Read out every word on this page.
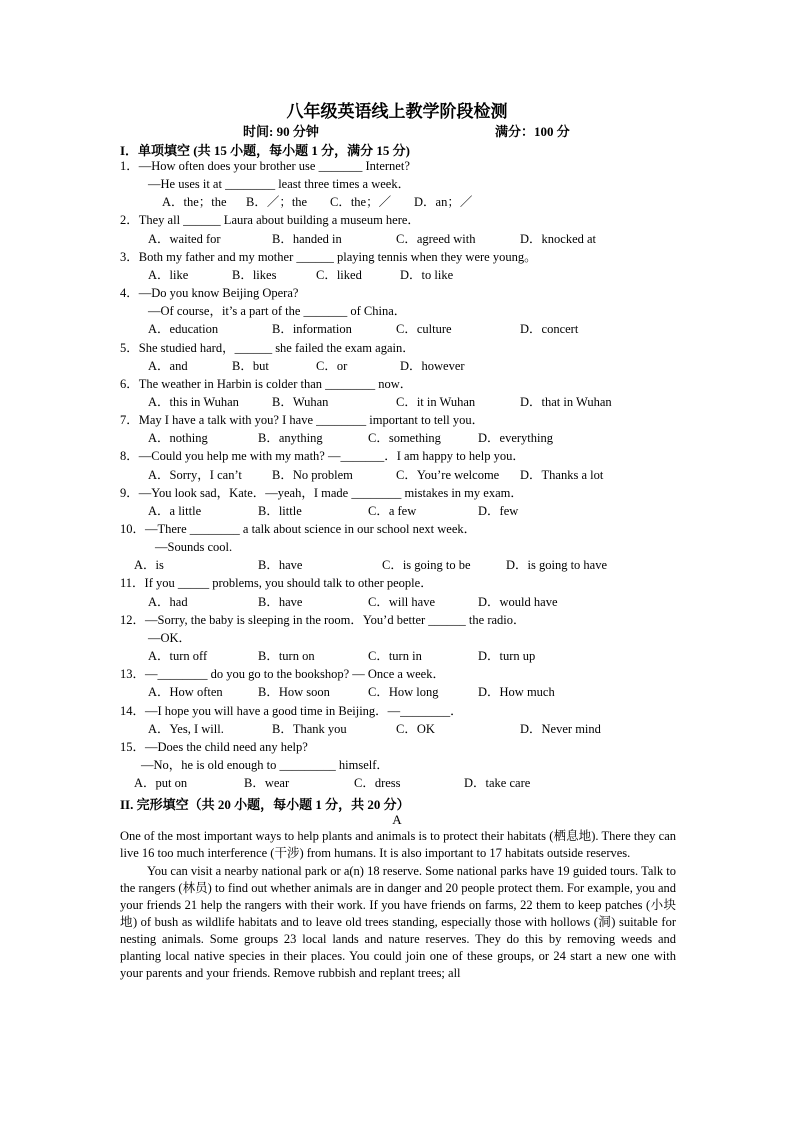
八年级英语线上教学阶段检测
时间: 90 分钟	满分：100 分
I．单项填空 (共 15 小题，每小题 1 分，满分 15 分)
1．—How often does your brother use _______ Internet?
—He uses it at ________ least three times a week．
A．the；the B．／；the C．the；／ D．an；／
2．They all ______ Laura about building a museum here．
A．waited for	B．handed in	C．agreed with	D．knocked at
3．Both my father and my mother ______ playing tennis when they were young。
A．like	B．likes	C．liked	D．to like
4．—Do you know Beijing Opera?
—Of course，it’s a part of the _______ of China．
A．education	B．information	C．culture	D．concert
5．She studied hard，______ she failed the exam again．
A．and	B．but	C．or	D．however
6．The weather in Harbin is colder than ________ now．
A．this in Wuhan	B．Wuhan	C．it in Wuhan	D．that in Wuhan
7．May I have a talk with you? I have ________ important to tell you．
A．nothing	B．anything	C．something	D．everything
8．—Could you help me with my math? —_______．I am happy to help you．
A．Sorry，I can’t B．No problem	C．You’re welcome D．Thanks a lot
9．—You look sad，Kate．—yeah，I made ________ mistakes in my exam．
A．a little	B．little	C．a few	D．few
10．—There ________ a talk about science in our school next week．
—Sounds cool.
A．is	B．have	C．is going to be	D．is going to have
11．If you _____ problems, you should talk to other people．
A．had	B．have	C．will have	D．would have
12．—Sorry, the baby is sleeping in the room．You’d better ______ the radio．
—OK．
A．turn off	B．turn on	C．turn in	D．turn up
13．—________ do you go to the bookshop? — Once a week．
A．How often	B．How soon	C．How long	D．How much
14．—I hope you will have a good time in Beijing．—________．
A．Yes, I will.	B．Thank you	C．OK	D．Never mind
15．—Does the child need any help?
—No，he is old enough to _________ himself．
A．put on	B．wear	C．dress	D．take care
II. 完形填空（共 20 小题，每小题 1 分，共 20 分）
A

One of the most important ways to help plants and animals is to protect their habitats (栖息地). There they can live 16 too much interference (干涉) from humans. It is also important to 17 habitats outside reserves.

You can visit a nearby national park or a(n) 18 reserve. Some national parks have 19 guided tours. Talk to the rangers (林员) to find out whether animals are in danger and 20 people protect them. For example, you and your friends 21 help the rangers with their work. If you have friends on farms, 22 them to keep patches (小块地) of bush as wildlife habitats and to leave old trees standing, especially those with hollows (洞) suitable for nesting animals. Some groups 23 local lands and nature reserves. They do this by removing weeds and planting local native species in their places. You could join one of these groups, or 24 start a new one with your parents and your friends. Remove rubbish and replant trees; all
